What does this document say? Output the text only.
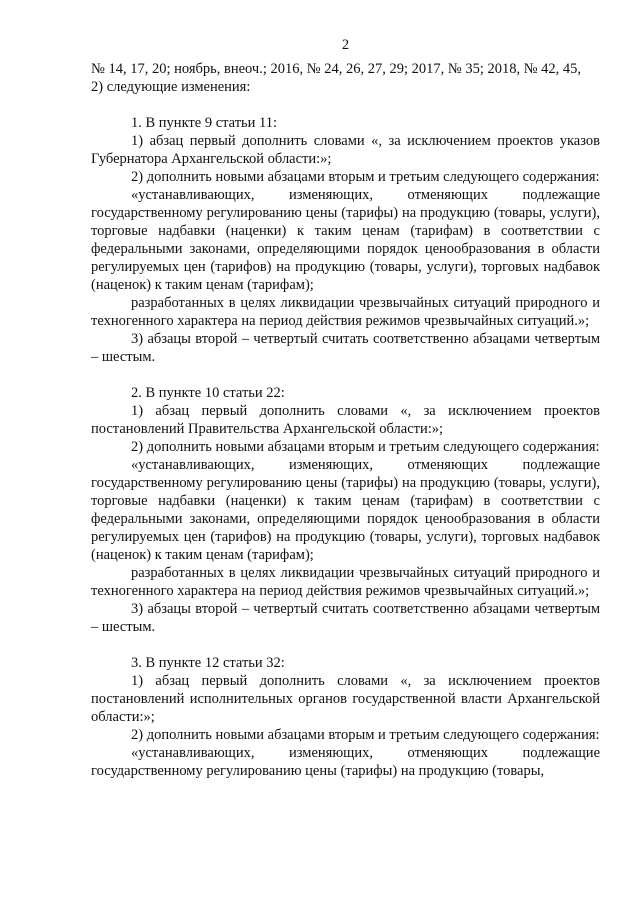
2

№ 14, 17, 20; ноябрь, внеоч.; 2016, № 24, 26, 27, 29; 2017, № 35; 2018, № 42, 45,

2) следующие изменения:

1. В пункте 9 статьи 11:

1) абзац первый дополнить словами «, за исключением проектов указов Губернатора Архангельской области:»;

2) дополнить новыми абзацами вторым и третьим следующего содержания:

«устанавливающих, изменяющих, отменяющих подлежащие государственному регулированию цены (тарифы) на продукцию (товары, услуги), торговые надбавки (наценки) к таким ценам (тарифам) в соответствии с федеральными законами, определяющими порядок ценообразования в области регулируемых цен (тарифов) на продукцию (товары, услуги), торговых надбавок (наценок) к таким ценам (тарифам);

разработанных в целях ликвидации чрезвычайных ситуаций природного и техногенного характера на период действия режимов чрезвычайных ситуаций.»;

3) абзацы второй – четвертый считать соответственно абзацами четвертым – шестым.

2. В пункте 10 статьи 22:

1) абзац первый дополнить словами «, за исключением проектов постановлений Правительства Архангельской области:»;

2) дополнить новыми абзацами вторым и третьим следующего содержания:

«устанавливающих, изменяющих, отменяющих подлежащие государственному регулированию цены (тарифы) на продукцию (товары, услуги), торговые надбавки (наценки) к таким ценам (тарифам) в соответствии с федеральными законами, определяющими порядок ценообразования в области регулируемых цен (тарифов) на продукцию (товары, услуги), торговых надбавок (наценок) к таким ценам (тарифам);

разработанных в целях ликвидации чрезвычайных ситуаций природного и техногенного характера на период действия режимов чрезвычайных ситуаций.»;

3) абзацы второй – четвертый считать соответственно абзацами четвертым – шестым.

3. В пункте 12 статьи 32:

1) абзац первый дополнить словами «, за исключением проектов постановлений исполнительных органов государственной власти Архангельской области:»;

2) дополнить новыми абзацами вторым и третьим следующего содержания:

«устанавливающих, изменяющих, отменяющих подлежащие государственному регулированию цены (тарифы) на продукцию (товары,
